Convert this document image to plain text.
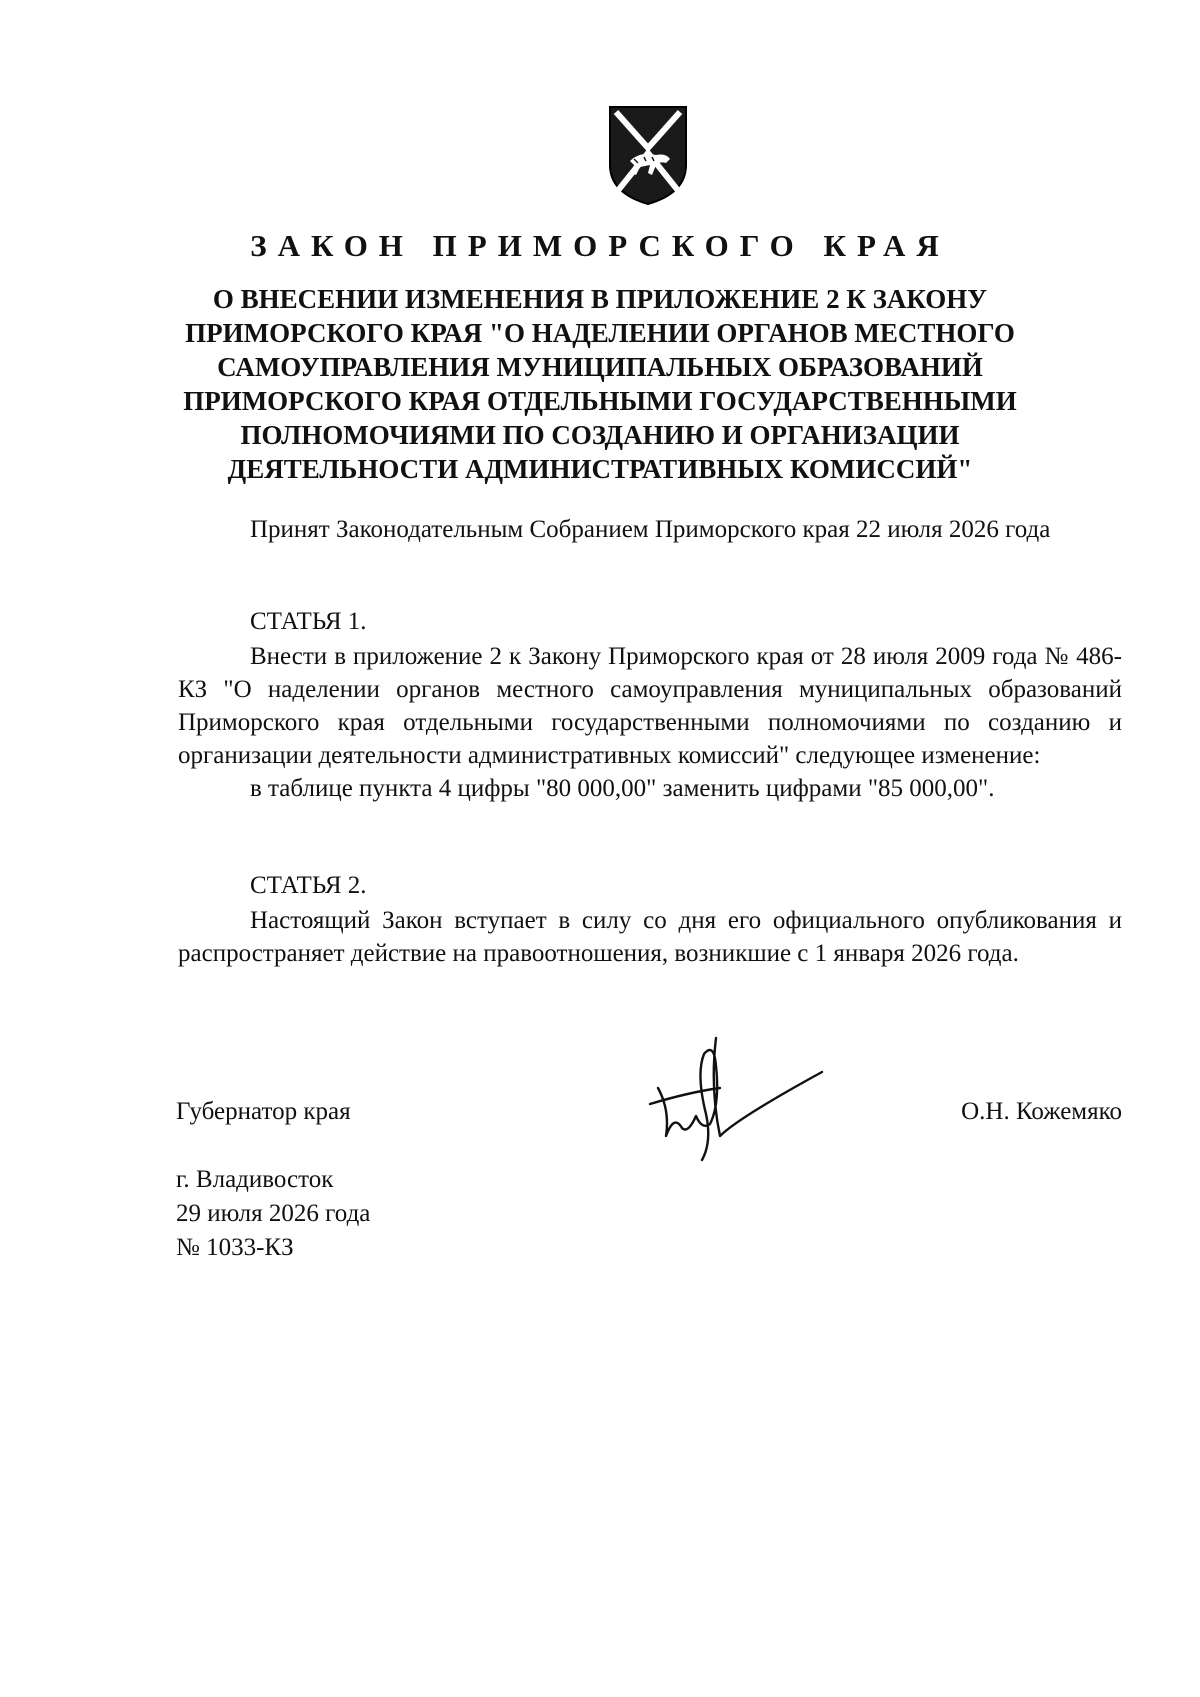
ЗАКОН ПРИМОРСКОГО КРАЯ
О ВНЕСЕНИИ ИЗМЕНЕНИЯ В ПРИЛОЖЕНИЕ 2 К ЗАКОНУ
ПРИМОРСКОГО КРАЯ "О НАДЕЛЕНИИ ОРГАНОВ МЕСТНОГО
САМОУПРАВЛЕНИЯ МУНИЦИПАЛЬНЫХ ОБРАЗОВАНИЙ
ПРИМОРСКОГО КРАЯ ОТДЕЛЬНЫМИ ГОСУДАРСТВЕННЫМИ
ПОЛНОМОЧИЯМИ ПО СОЗДАНИЮ И ОРГАНИЗАЦИИ
ДЕЯТЕЛЬНОСТИ АДМИНИСТРАТИВНЫХ КОМИССИЙ"
Принят Законодательным Собранием Приморского края 22 июля 2026 года
СТАТЬЯ 1.

Внести в приложение 2 к Закону Приморского края от 28 июля 2009 года № 486-КЗ "О наделении органов местного самоуправления муниципальных образований Приморского края отдельными государственными полномочиями по созданию и организации деятельности административных комиссий" следующее изменение:

в таблице пункта 4 цифры "80 000,00" заменить цифрами "85 000,00".

СТАТЬЯ 2.

Настоящий Закон вступает в силу со дня его официального опубликования и распространяет действие на правоотношения, возникшие с 1 января 2026 года.

Губернатор края	О.Н. Кожемяко
г. Владивосток
29 июля 2026 года
№ 1033-КЗ
